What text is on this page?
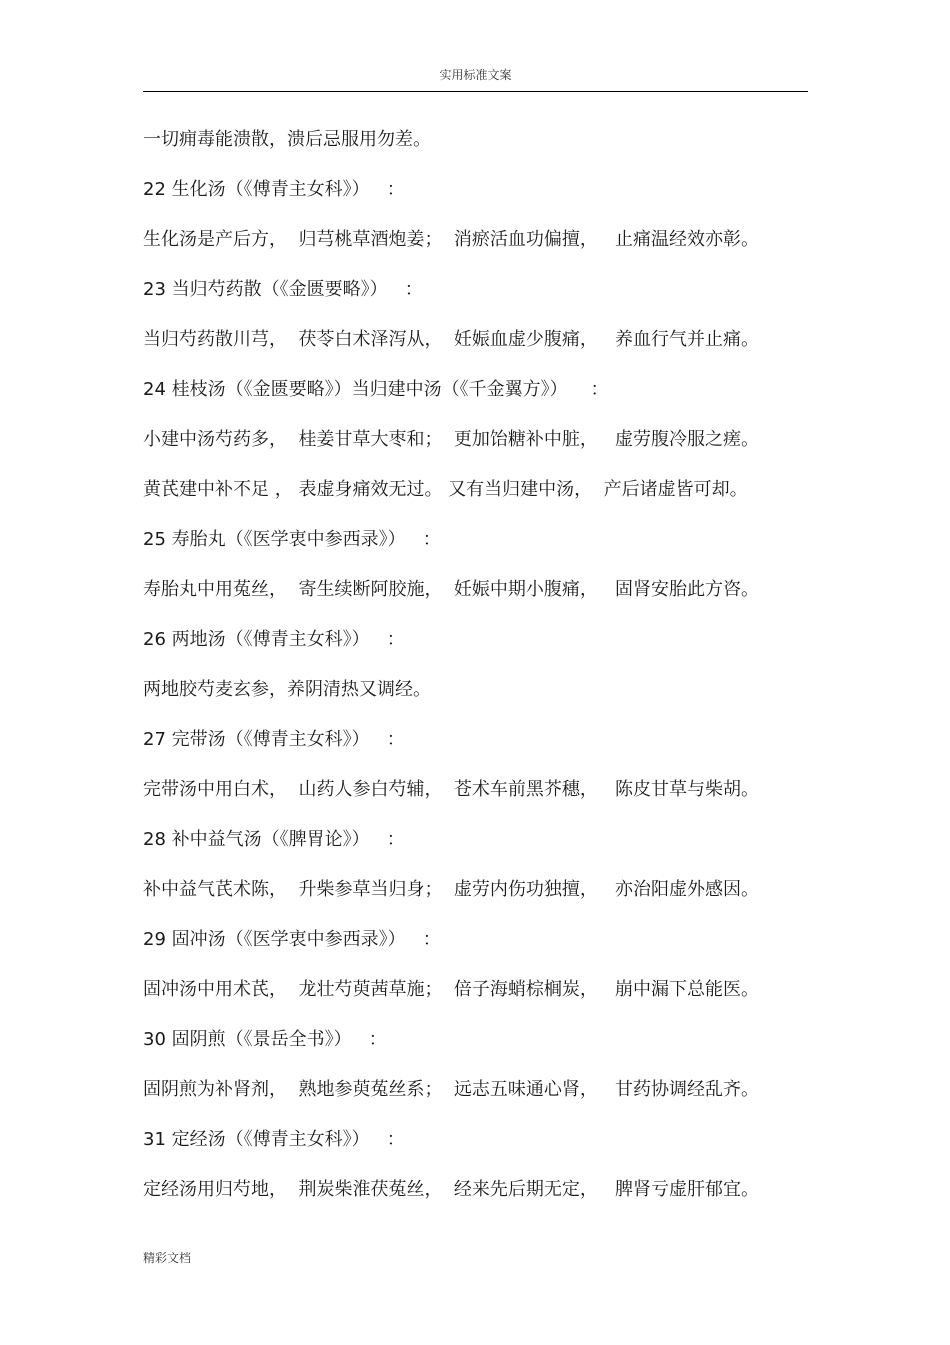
实用标准文案
一切痈毒能溃散，溃后忌服用勿差。
22 生化汤（《傅青主女科》）   ：
生化汤是产后方，  归芎桃草酒炮姜；  消瘀活血功偏擅，   止痛温经效亦彰。
23 当归芍药散（《金匮要略》）   ：
当归芍药散川芎，  茯苓白术泽泻从，  妊娠血虚少腹痛，   养血行气并止痛。
24 桂枝汤（《金匮要略》）当归建中汤（《千金翼方》）    ：
小建中汤芍药多，  桂姜甘草大枣和；  更加饴糖补中脏，   虚劳腹冷服之瘥。
黄芪建中补不足 ， 表虚身痛效无过。 又有当归建中汤，  产后诸虚皆可却。
25 寿胎丸（《医学衷中参西录》）   ：
寿胎丸中用菟丝，  寄生续断阿胶施，  妊娠中期小腹痛，   固肾安胎此方咨。
26 两地汤（《傅青主女科》）   ：
两地胶芍麦玄参，养阴清热又调经。
27 完带汤（《傅青主女科》）   ：
完带汤中用白术，  山药人参白芍辅，  苍术车前黑芥穗，   陈皮甘草与柴胡。
28 补中益气汤（《脾胃论》）   ：
补中益气芪术陈，  升柴参草当归身；  虚劳内伤功独擅，   亦治阳虚外感因。
29 固冲汤（《医学衷中参西录》）   ：
固冲汤中用术芪，  龙壮芍萸茜草施；  倍子海蛸棕榈炭，   崩中漏下总能医。
30 固阴煎（《景岳全书》）   ：
固阴煎为补肾剂，  熟地参萸菟丝系；  远志五味通心肾，   甘药协调经乱齐。
31 定经汤（《傅青主女科》）   ：
定经汤用归芍地，  荆炭柴淮茯菟丝，  经来先后期无定，   脾肾亏虚肝郁宜。
精彩文档
